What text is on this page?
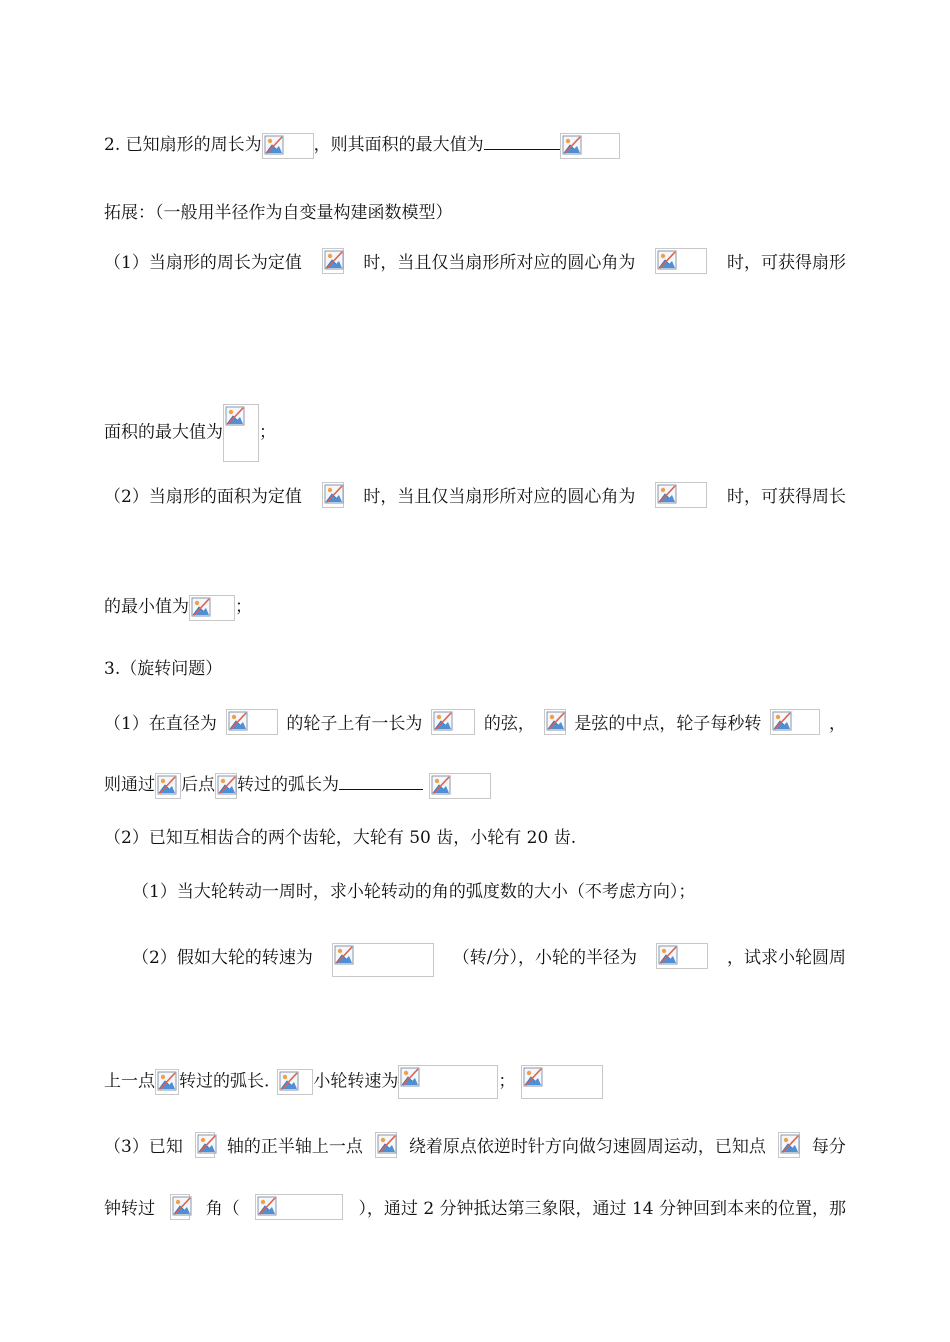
2. 已知扇形的周长为	，则其面积的最大值为
拓展：（一般用半径作为自变量构建函数模型）
（1）当扇形的周长为定值	时，当且仅当扇形所对应的圆心角为	时，可获得扇形
面积的最大值为 ；
（2）当扇形的面积为定值	时，当且仅当扇形所对应的圆心角为	时，可获得周长
的最小值为	；
3.（旋转问题）
（1）在直径为	的轮子上有一长为	的弦， 是弦的中点，轮子每秒转	，
则通过 后点 转过的弧长为
（2）已知互相齿合的两个齿轮，大轮有 50 齿，小轮有 20 齿.
（1）当大轮转动一周时，求小轮转动的角的弧度数的大小（不考虑方向）；
（2）假如大轮的转速为	（转/分），小轮的半径为	，试求小轮圆周
上一点 转过的弧长.	小轮转速为	；
（3）已知	轴的正半轴上一点	绕着原点依逆时针方向做匀速圆周运动，已知点	每分
钟转过	角（	），通过 2 分钟抵达第三象限，通过 14 分钟回到本来的位置，那
